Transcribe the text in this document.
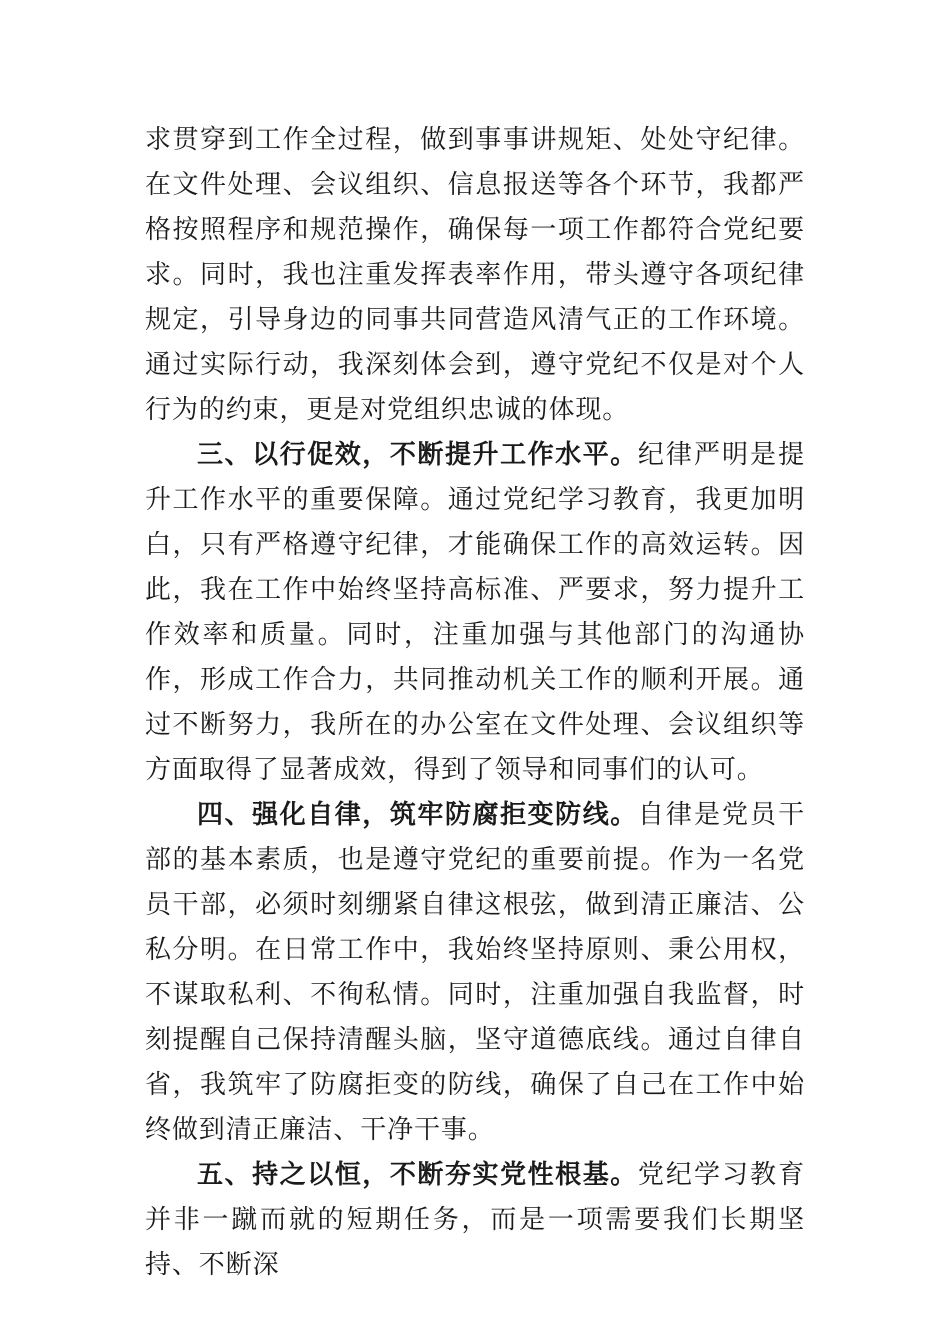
求贯穿到工作全过程，做到事事讲规矩、处处守纪律。在文件处理、会议组织、信息报送等各个环节，我都严格按照程序和规范操作，确保每一项工作都符合党纪要求。同时，我也注重发挥表率作用，带头遵守各项纪律规定，引导身边的同事共同营造风清气正的工作环境。通过实际行动，我深刻体会到，遵守党纪不仅是对个人行为的约束，更是对党组织忠诚的体现。

三、以行促效，不断提升工作水平。纪律严明是提升工作水平的重要保障。通过党纪学习教育，我更加明白，只有严格遵守纪律，才能确保工作的高效运转。因此，我在工作中始终坚持高标准、严要求，努力提升工作效率和质量。同时，注重加强与其他部门的沟通协作，形成工作合力，共同推动机关工作的顺利开展。通过不断努力，我所在的办公室在文件处理、会议组织等方面取得了显著成效，得到了领导和同事们的认可。

四、强化自律，筑牢防腐拒变防线。自律是党员干部的基本素质，也是遵守党纪的重要前提。作为一名党员干部，必须时刻绷紧自律这根弦，做到清正廉洁、公私分明。在日常工作中，我始终坚持原则、秉公用权，不谋取私利、不徇私情。同时，注重加强自我监督，时刻提醒自己保持清醒头脑，坚守道德底线。通过自律自省，我筑牢了防腐拒变的防线，确保了自己在工作中始终做到清正廉洁、干净干事。

五、持之以恒，不断夯实党性根基。党纪学习教育并非一蹴而就的短期任务，而是一项需要我们长期坚持、不断深
